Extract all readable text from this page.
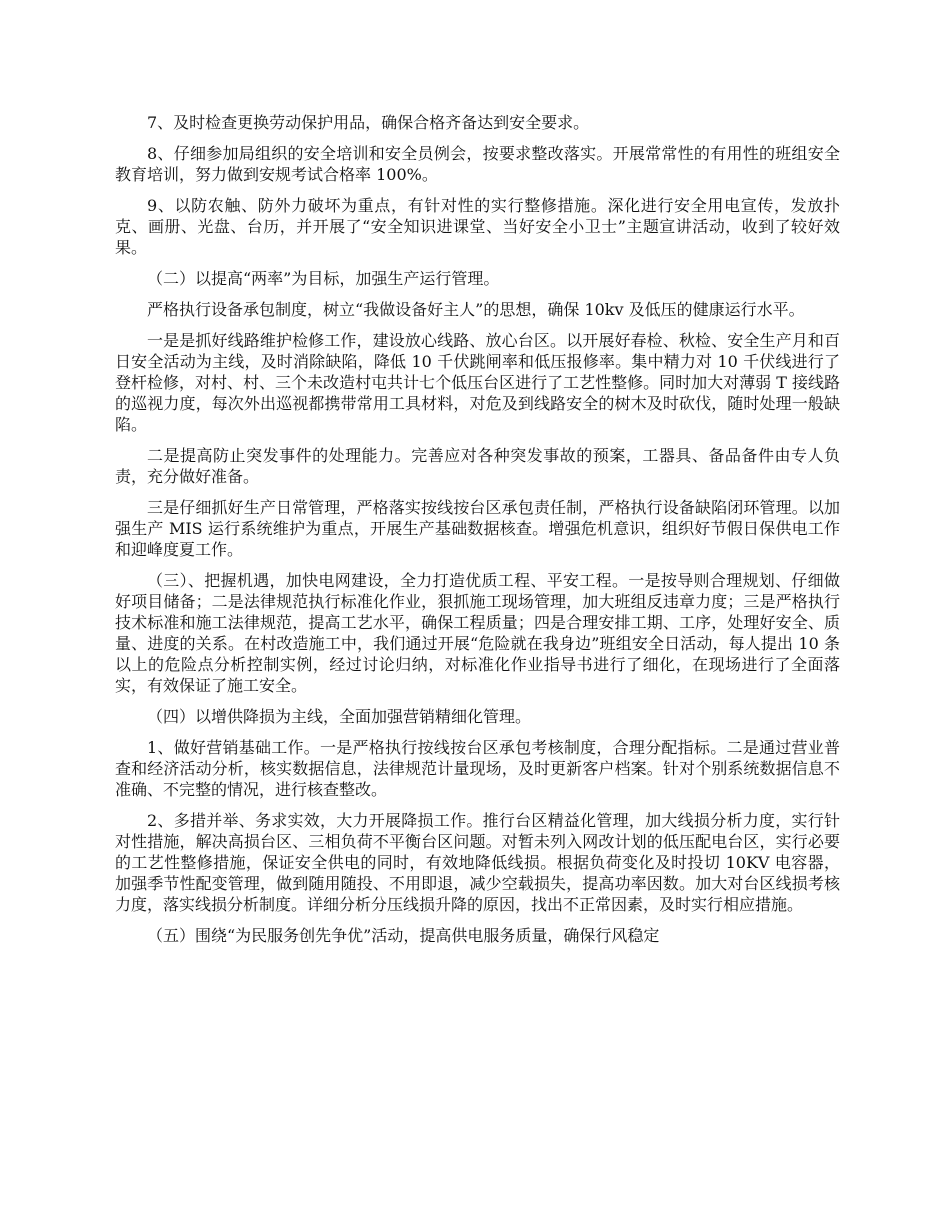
7、及时检查更换劳动保护用品，确保合格齐备达到安全要求。

8、仔细参加局组织的安全培训和安全员例会，按要求整改落实。开展常常性的有用性的班组安全教育培训，努力做到安规考试合格率 100%。

9、以防农触、防外力破坏为重点，有针对性的实行整修措施。深化进行安全用电宣传，发放扑克、画册、光盘、台历，并开展了“安全知识进课堂、当好安全小卫士”主题宣讲活动，收到了较好效果。

（二）以提高“两率”为目标，加强生产运行管理。

严格执行设备承包制度，树立“我做设备好主人”的思想，确保 10kv 及低压的健康运行水平。

一是是抓好线路维护检修工作，建设放心线路、放心台区。以开展好春检、秋检、安全生产月和百日安全活动为主线，及时消除缺陷，降低 10 千伏跳闸率和低压报修率。集中精力对 10 千伏线进行了登杆检修，对村、村、三个未改造村屯共计七个低压台区进行了工艺性整修。同时加大对薄弱 T 接线路的巡视力度，每次外出巡视都携带常用工具材料，对危及到线路安全的树木及时砍伐，随时处理一般缺陷。

二是提高防止突发事件的处理能力。完善应对各种突发事故的预案，工器具、备品备件由专人负责，充分做好准备。

三是仔细抓好生产日常管理，严格落实按线按台区承包责任制，严格执行设备缺陷闭环管理。以加强生产 MIS 运行系统维护为重点，开展生产基础数据核查。增强危机意识，组织好节假日保供电工作和迎峰度夏工作。

（三）、把握机遇，加快电网建设，全力打造优质工程、平安工程。一是按导则合理规划、仔细做好项目储备；二是法律规范执行标准化作业，狠抓施工现场管理，加大班组反违章力度；三是严格执行技术标准和施工法律规范，提高工艺水平，确保工程质量；四是合理安排工期、工序，处理好安全、质量、进度的关系。在村改造施工中，我们通过开展“危险就在我身边”班组安全日活动，每人提出 10 条以上的危险点分析控制实例，经过讨论归纳，对标准化作业指导书进行了细化，在现场进行了全面落实，有效保证了施工安全。

（四）以增供降损为主线，全面加强营销精细化管理。

1、做好营销基础工作。一是严格执行按线按台区承包考核制度，合理分配指标。二是通过营业普查和经济活动分析，核实数据信息，法律规范计量现场，及时更新客户档案。针对个别系统数据信息不准确、不完整的情况，进行核查整改。

2、多措并举、务求实效，大力开展降损工作。推行台区精益化管理，加大线损分析力度，实行针对性措施，解决高损台区、三相负荷不平衡台区问题。对暂未列入网改计划的低压配电台区，实行必要的工艺性整修措施，保证安全供电的同时，有效地降低线损。根据负荷变化及时投切 10KV 电容器，加强季节性配变管理，做到随用随投、不用即退，减少空载损失，提高功率因数。加大对台区线损考核力度，落实线损分析制度。详细分析分压线损升降的原因，找出不正常因素，及时实行相应措施。

（五）围绕“为民服务创先争优”活动，提高供电服务质量，确保行风稳定
